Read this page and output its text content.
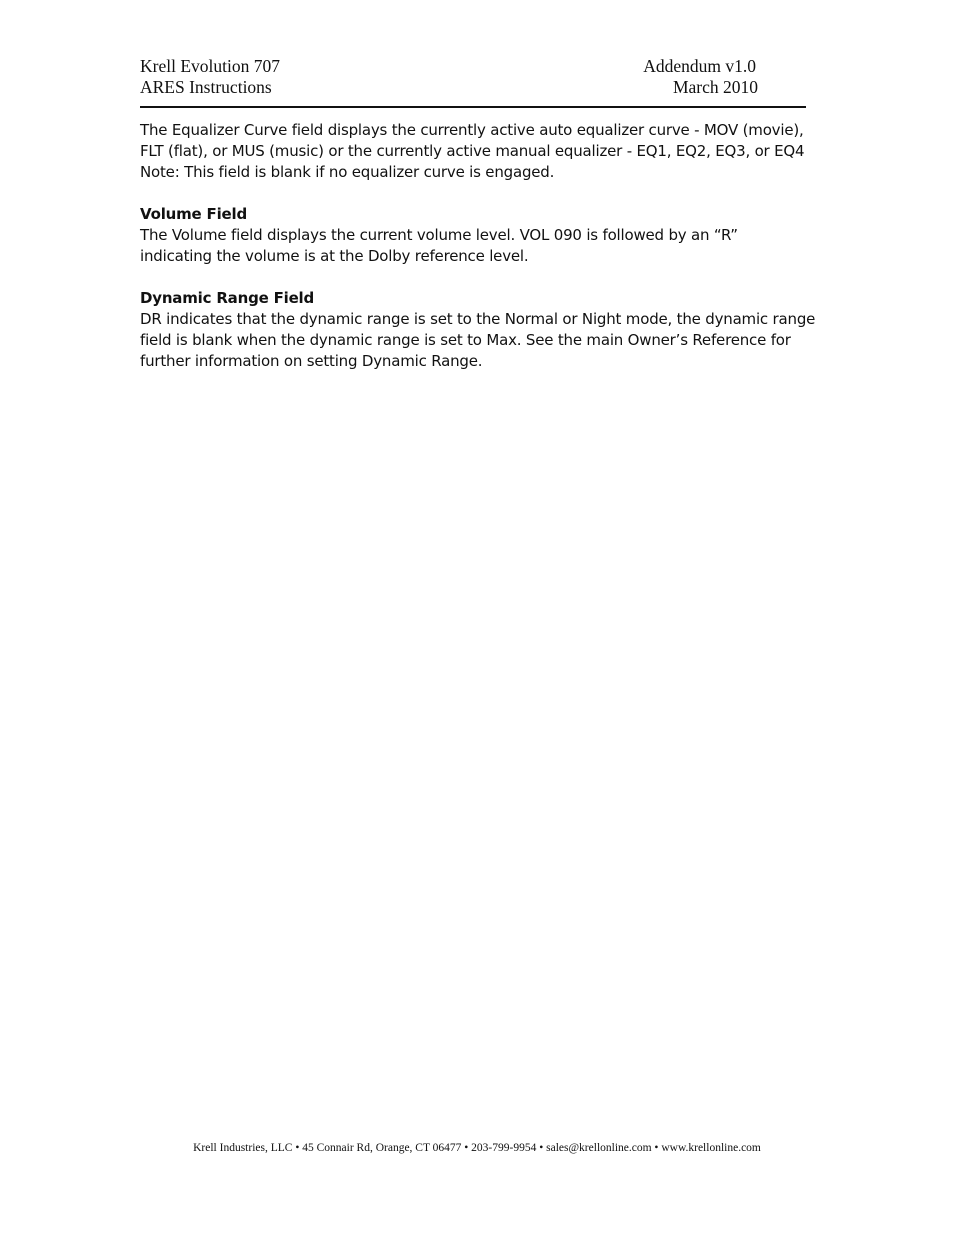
Krell Evolution 707	Addendum v1.0
ARES Instructions	March 2010

The Equalizer Curve field displays the currently active auto equalizer curve - MOV (movie),
FLT (flat), or MUS (music) or the currently active manual equalizer - EQ1, EQ2, EQ3, or EQ4
Note: This field is blank if no equalizer curve is engaged.

Volume Field
The Volume field displays the current volume level. VOL 090 is followed by an “R”
indicating the volume is at the Dolby reference level.
Dynamic Range Field
DR indicates that the dynamic range is set to the Normal or Night mode, the dynamic range
field is blank when the dynamic range is set to Max. See the main Owner’s Reference for
further information on setting Dynamic Range.
Krell Industries, LLC • 45 Connair Rd, Orange, CT 06477 • 203-799-9954 • sales@krellonline.com • www.krellonline.com
